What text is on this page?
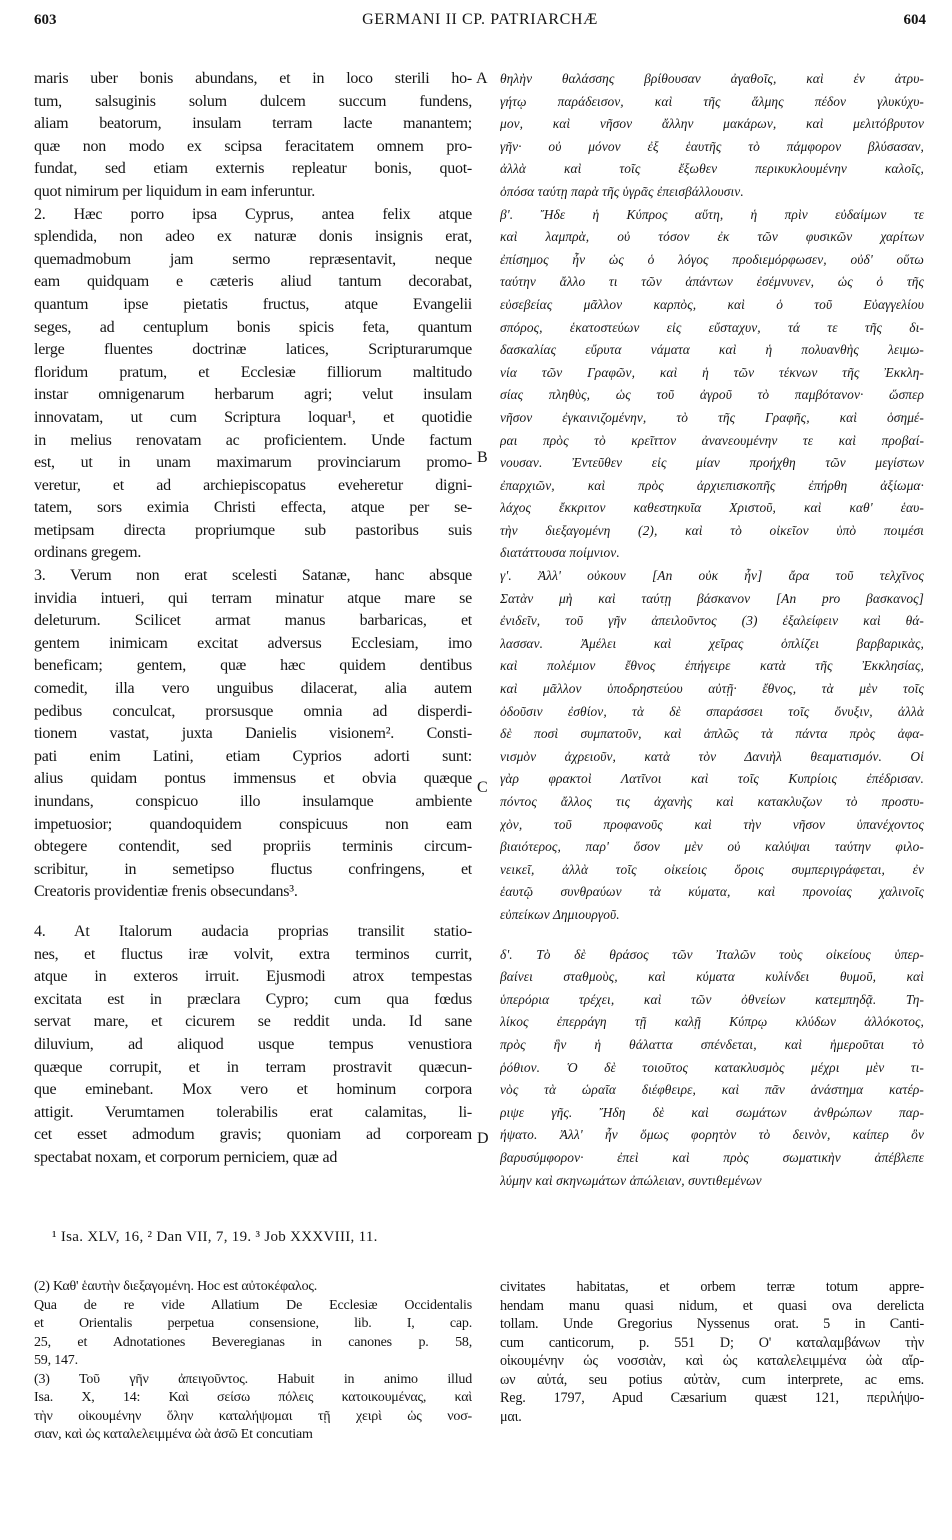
603	GERMANI II CP. PATRIARCHÆ	604
maris uber bonis abundans, et in loco sterili ho-
tum, salsuginis solum dulcem succum fundens,
aliam beatorum, insulam terram lacte manantem;
quæ non modo ex scipsa feracitatem omnem pro-
fundat, sed etiam externis repleatur bonis, quot-
quot nimirum per liquidum in eam inferuntur.
2. Hæc porro ipsa Cyprus, antea felix atque
splendida, non adeo ex naturæ donis insignis erat,
quemadmobum jam sermo repræsentavit, neque
eam quidquam e cæteris aliud tantum decorabat,
quantum ipse pietatis fructus, atque Evangelii
seges, ad centuplum bonis spicis feta, quantum
lerge fluentes doctrinæ latices, Scripturarumque
floridum pratum, et Ecclesiæ filliorum maltitudo
instar omnigenarum herbarum agri; velut insulam
innovatam, ut cum Scriptura loquar¹, et quotidie
in melius renovatam ac proficientem. Unde factum
est, ut in unam maximarum provinciarum promo-
veretur, et ad archiepiscopatus eveheretur digni-
tatem, sors eximia Christi effecta, atque per se-
metipsam directa propriumque sub pastoribus suis
ordinans gregem.
3. Verum non erat scelesti Satanæ, hanc absque
invidia intueri, qui terram minatur atque mare se
deleturum. Scilicet armat manus barbaricas, et
gentem inimicam excitat adversus Ecclesiam, imo
beneficam; gentem, quæ hæc quidem dentibus
comedit, illa vero unguibus dilacerat, alia autem
pedibus conculcat, prorsusque omnia ad disperdi-
tionem vastat, juxta Danielis visionem². Consti-
pati enim Latini, etiam Cyprios adorti sunt:
alius quidam pontus immensus et obvia quæque
inundans, conspicuo illo insulamque ambiente
impetuosior; quandoquidem conspicuus non eam
obtegere contendit, sed propriis terminis circum-
scribitur, in semetipso fluctus confringens, et
Creatoris providentiæ frenis obsecundans³.
4. At Italorum audacia proprias transilit statio-
nes, et fluctus iræ volvit, extra terminos currit,
atque in exteros irruit. Ejusmodi atrox tempestas
excitata est in præclara Cypro; cum qua fœdus
servat mare, et cicurem se reddit unda. Id sane
diluvium, ad aliquod usque tempus venustiora
quæque corrupit, et in terram prostravit quæcun-
que eminebant. Mox vero et hominum corpora
attigit. Verumtamen tolerabilis erat calamitas, li-
cet esset admodum gravis; quoniam ad corpoream
spectabat noxam, et corporum perniciem, quæ ad
A
B
C
D
θηλὴν θαλάσσης βρίθουσαν ἀγαθοῖς, καὶ ἐν ἀτρυ-
γήτῳ παράδεισον, καὶ τῆς ἅλμης πέδον γλυκύχυ-
μον, καὶ νῆσον ἄλλην μακάρων, καὶ μελιτόβρυτον
γῆν· οὐ μόνον ἐξ ἑαυτῆς τὸ πάμφορον βλύσασαν,
ἀλλὰ καὶ τοῖς ἔξωθεν περικυκλουμένην καλοῖς,
ὁπόσα ταύτῃ παρὰ τῆς ὑγρᾶς ἐπεισβάλλουσιν.
β'. Ἤδε ἡ Κύπρος αὕτη, ἡ πρὶν εὐδαίμων τε
καὶ λαμπρὰ, οὐ τόσον ἐκ τῶν φυσικῶν χαρίτων
ἐπίσημος ἦν ὡς ὁ λόγος προδιεμόρφωσεν, οὐδ' οὕτω
ταύτην ἄλλο τι τῶν ἁπάντων ἐσέμνυνεν, ὡς ὁ τῆς
εὐσεβείας μᾶλλον καρπὸς, καὶ ὁ τοῦ Εὐαγγελίου
σπόρος, ἑκατοστεύων εἰς εὔσταχυν, τά τε τῆς δι-
δασκαλίας εὔρυτα νάματα καὶ ἡ πολυανθὴς λειμω-
νία τῶν Γραφῶν, καὶ ἡ τῶν τέκνων τῆς Ἐκκλη-
σίας πληθὺς, ὡς τοῦ ἀγροῦ τὸ παμβότανον· ὥσπερ
νῆσον ἐγκαινιζομένην, τὸ τῆς Γραφῆς, καὶ ὁσημέ-
ραι πρὸς τὸ κρεῖττον ἀνανεουμένην τε καὶ προβαί-
νουσαν. Ἐντεῦθεν εἰς μίαν προήχθη τῶν μεγίστων
ἐπαρχιῶν, καὶ πρὸς ἀρχιεπισκοπῆς ἐπήρθη ἀξίωμα·
λάχος ἔκκριτον καθεστηκυῖα Χριστοῦ, καὶ καθ' ἑαυ-
τὴν διεξαγομένη (2), καὶ τὸ οἰκεῖον ὑπὸ ποιμέσι
διατάττουσα ποίμνιον.
γ'. Ἀλλ' οὐκουν [An οὐκ ἦν] ἄρα τοῦ τελχῖνος
Σατὰν μὴ καὶ ταύτῃ βάσκανον [An pro βασκανος]
ἐνιδεῖν, τοῦ γῆν ἀπειλοῦντος (3) ἐξαλείφειν καὶ θά-
λασσαν. Ἀμέλει καὶ χεῖρας ὁπλίζει βαρβαρικὰς,
καὶ πολέμιον ἔθνος ἐπήγειρε κατὰ τῆς Ἐκκλησίας,
καὶ μᾶλλον ὑποδρηστεύου αὐτῇ· ἔθνος, τὰ μὲν τοῖς
ὀδοῦσιν ἐσθίον, τὰ δὲ σπαράσσει τοῖς ὄνυξιν, ἀλλὰ
δὲ ποσὶ συμπατοῦν, καὶ ἁπλῶς τὰ πάντα πρὸς ἀφα-
νισμὸν ἀχρειοῦν, κατὰ τὸν Δανιὴλ θεαματισμόν. Οἱ
γὰρ φρακτοὶ Λατῖνοι καὶ τοῖς Κυπρίοις ἐπέδρισαν.
πόντος ἄλλος τις ἀχανὴς καὶ κατακλυζων τὸ προστυ-
χὸν, τοῦ προφανοῦς καὶ τὴν νῆσον ὑπανέχοντος
βιαιότερος, παρ' ὅσον μὲν οὐ καλύψαι ταύτην φιλο-
νεικεῖ, ἀλλὰ τοῖς οἰκείοις ὅροις συμπεριγράφεται, ἐν
ἑαυτῷ συνθραύων τὰ κύματα, καὶ προνοίας χαλινοῖς
εὐπείκων Δημιουργοῦ.
δ'. Τὸ δὲ θράσος τῶν Ἰταλῶν τοὺς οἰκείους ὑπερ-
βαίνει σταθμοὺς, καὶ κύματα κυλίνδει θυμοῦ, καὶ
ὑπερόρια τρέχει, καὶ τῶν ὀθνείων κατεμπηδᾷ. Τη-
λίκος ἐπερράγη τῇ καλῇ Κύπρῳ κλύδων ἀλλόκοτος,
πρὸς ἣν ἡ θάλαττα σπένδεται, καὶ ἡμεροῦται τὸ
ῥόθιον. Ὁ δὲ τοιοῦτος κατακλυσμὸς μέχρι μὲν τι-
νὸς τὰ ὡραῖα διέφθειρε, καὶ πᾶν ἀνάστημα κατέρ-
ριψε γῆς. Ἤδη δὲ καὶ σωμάτων ἀνθρώπων παρ-
ήψατο. Ἀλλ' ἦν ὅμως φορητὸν τὸ δεινὸν, καίπερ ὂν
βαρυσύμφορον· ἐπεὶ καὶ πρὸς σωματικὴν ἀπέβλεπε
λύμην καὶ σκηνωμάτων ἀπώλειαν, συντιθεμένων
¹ Isa. XLV, 16, ² Dan VII, 7, 19. ³ Job XXXVIII, 11.
(2) Καθ' ἑαυτὴν διεξαγομένη. Hoc est αὐτοκέφαλος.
Qua de re vide Allatium De Ecclesiæ Occidentalis
et Orientalis perpetua consensione, lib. I, cap.
25, et Adnotationes Beveregianas in canones p. 58,
59, 147.
(3) Τοῦ γῆν ἀπειγοῦντος. Habuit in animo illud
Isa. X, 14: Καὶ σείσω πόλεις κατοικουμένας, καὶ
τὴν οἰκουμένην ὅλην καταλήψομαι τῇ χειρὶ ὡς νοσ-
σιαν, καὶ ὡς καταλελειμμένα ὠὰ ἀσῶ Et concutiam
civitates habitatas, et orbem terræ totum appre-
hendam manu quasi nidum, et quasi ova derelicta
tollam. Unde Gregorius Nyssenus orat. 5 in Canti-
cum canticorum, p. 551 D; Ο' καταλαμβάνων τὴν
οἰκουμένην ὡς νοσσιὰν, καὶ ὡς καταλελειμμένα ὠὰ αἴρ-
ων αὐτά, seu potius αὐτὰν, cum interprete, ac ems.
Reg. 1797, Apud Cæsarium quæst 121, περιλήψο-
μαι.
